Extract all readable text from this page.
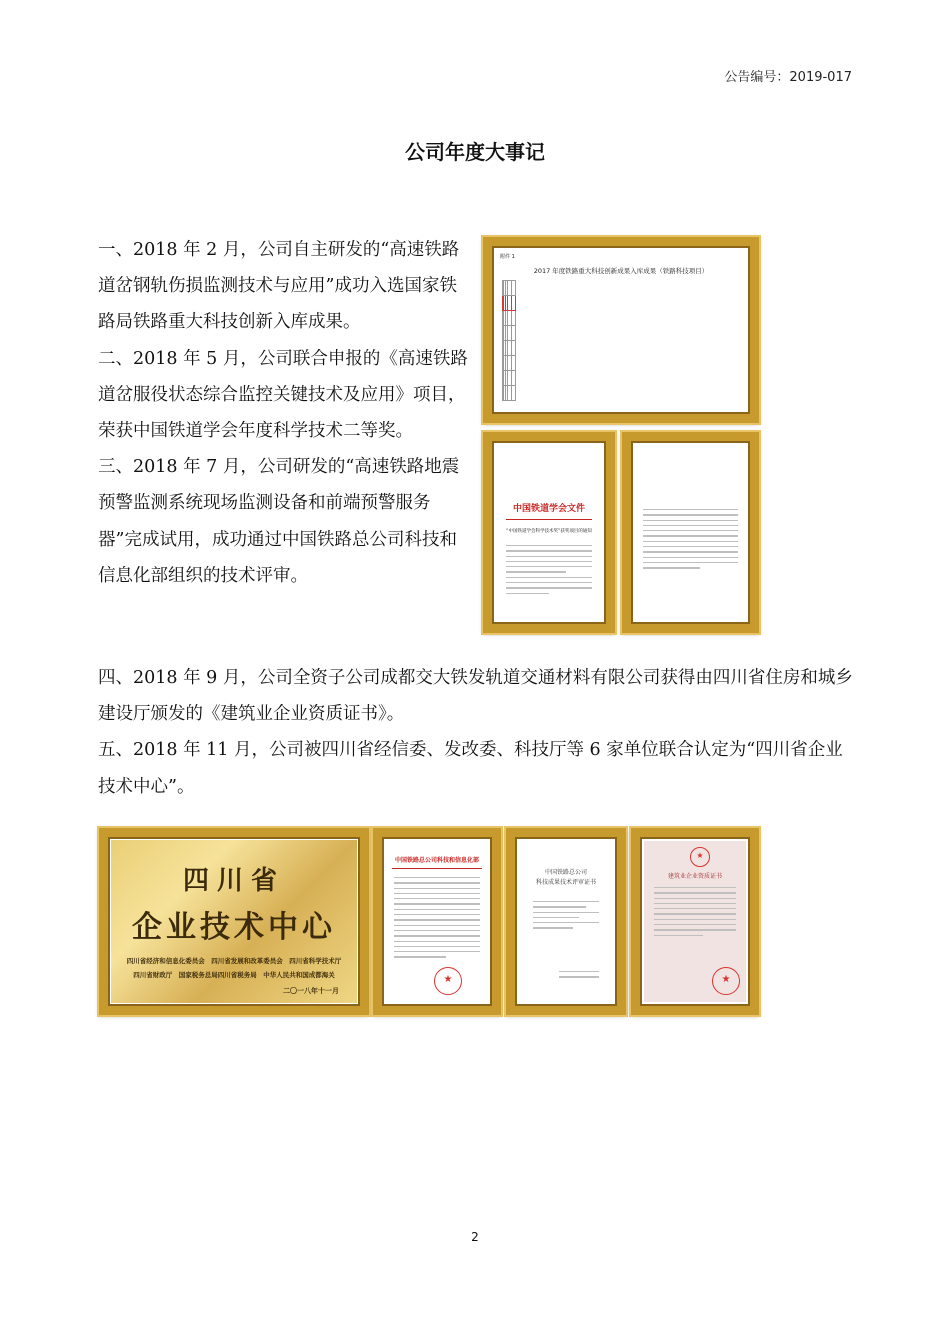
公告编号：2019-017
公司年度大事记

一、2018 年 2 月，公司自主研发的“高速铁路道岔钢轨伤损监测技术与应用”成功入选国家铁路局铁路重大科技创新入库成果。

二、2018 年 5 月，公司联合申报的《高速铁路道岔服役状态综合监控关键技术及应用》项目，荣获中国铁道学会年度科学技术二等奖。

三、2018 年 7 月，公司研发的“高速铁路地震预警监测系统现场监测设备和前端预警服务器”完成试用，成功通过中国铁路总公司科技和信息化部组织的技术评审。

四、2018 年 9 月，公司全资子公司成都交大铁发轨道交通材料有限公司获得由四川省住房和城乡建设厅颁发的《建筑业企业资质证书》。

五、2018 年 11 月，公司被四川省经信委、发改委、科技厅等 6 家单位联合认定为“四川省企业技术中心”。

附件 1
2017 年度铁路重大科技创新成果入库成果（铁路科技项目）

中国铁道学会文件
“中国铁道学会科学技术奖”获奖项目的通知
四川省
企业技术中心
四川省经济和信息化委员会　四川省发展和改革委员会　四川省科学技术厅
四川省财政厅　国家税务总局四川省税务局　中华人民共和国成都海关
二〇一八年十一月
中国铁路总公司科技和信息化部
★
中国铁路总公司
科技成果技术评审证书
★
建筑业企业资质证书
★
2
